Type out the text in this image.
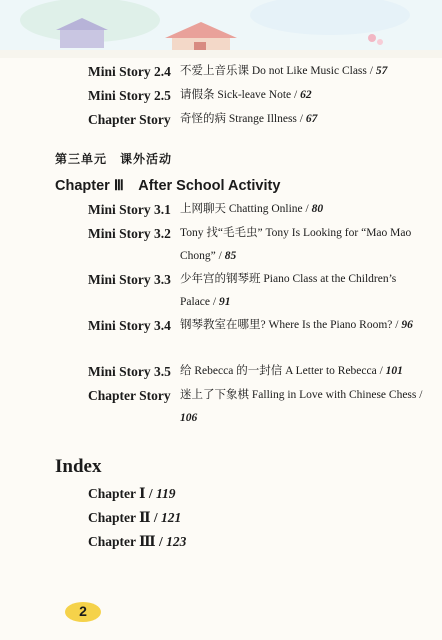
Mini Story 2.4 不爱上音乐课 Do not Like Music Class / 57
Mini Story 2.5 请假条 Sick-leave Note / 62
Chapter Story 奇怪的病 Strange Illness / 67
第三单元　课外活动
Chapter Ⅲ　After School Activity
Mini Story 3.1 上网聊天 Chatting Online / 80
Mini Story 3.2 Tony 找“毛毛虫” Tony Is Looking for “Mao Mao Chong” / 85
Mini Story 3.3 少年宫的钢琴班 Piano Class at the Children’s Palace / 91
Mini Story 3.4 钢琴教室在哪里? Where Is the Piano Room? / 96
Mini Story 3.5 给 Rebecca 的一封信 A Letter to Rebecca / 101
Chapter Story 迷上了下象棋 Falling in Love with Chinese Chess / 106
Index
Chapter Ⅰ / 119
Chapter Ⅱ / 121
Chapter Ⅲ / 123
2
